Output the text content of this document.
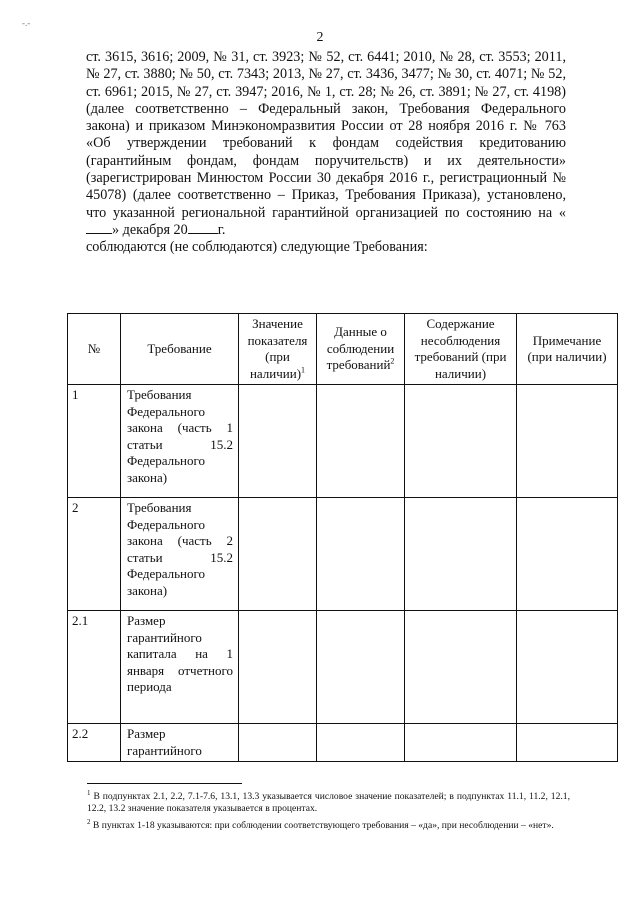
-.-
2

ст. 3615, 3616; 2009, № 31, ст. 3923; № 52, ст. 6441; 2010, № 28, ст. 3553; 2011, № 27, ст. 3880; № 50, ст. 7343; 2013, № 27, ст. 3436, 3477; № 30, ст. 4071; № 52, ст. 6961; 2015, № 27, ст. 3947; 2016, № 1, ст. 28; № 26, ст. 3891; № 27, ст. 4198) (далее соответственно – Федеральный закон, Требования Федерального закона) и приказом Минэкономразвития России от 28 ноября 2016 г. № 763 «Об утверждении требований к фондам содействия кредитованию (гарантийным фондам, фондам поручительств) и их деятельности» (зарегистрирован Минюстом России 30 декабря 2016 г., регистрационный № 45078) (далее соответственно – Приказ, Требования Приказа), установлено, что указанной региональной гарантийной организацией по состоянию на «» декабря 20 г.

соблюдаются (не соблюдаются) следующие Требования:

№	Требование	Значение показателя (при наличии)$^1$	Данные о соблюдении требований$^2$	Содержание несоблюдения требований (при наличии)	Примечание (при наличии)
1	Требования Федерального закона (часть 1 статьи 15.2 Федерального закона)				
2	Требования Федерального закона (часть 2 статьи 15.2 Федерального закона)				
2.1	Размер гарантийного капитала на 1 января отчетного периода				
2.2	Размер гарантийного				

$^1$ В подпунктах 2.1, 2.2, 7.1-7.6, 13.1, 13.3 указывается числовое значение показателей; в подпунктах 11.1, 11.2, 12.1, 12.2, 13.2 значение показателя указывается в процентах.

$^2$ В пунктах 1-18 указываются: при соблюдении соответствующего требования – «да», при несоблюдении – «нет».
